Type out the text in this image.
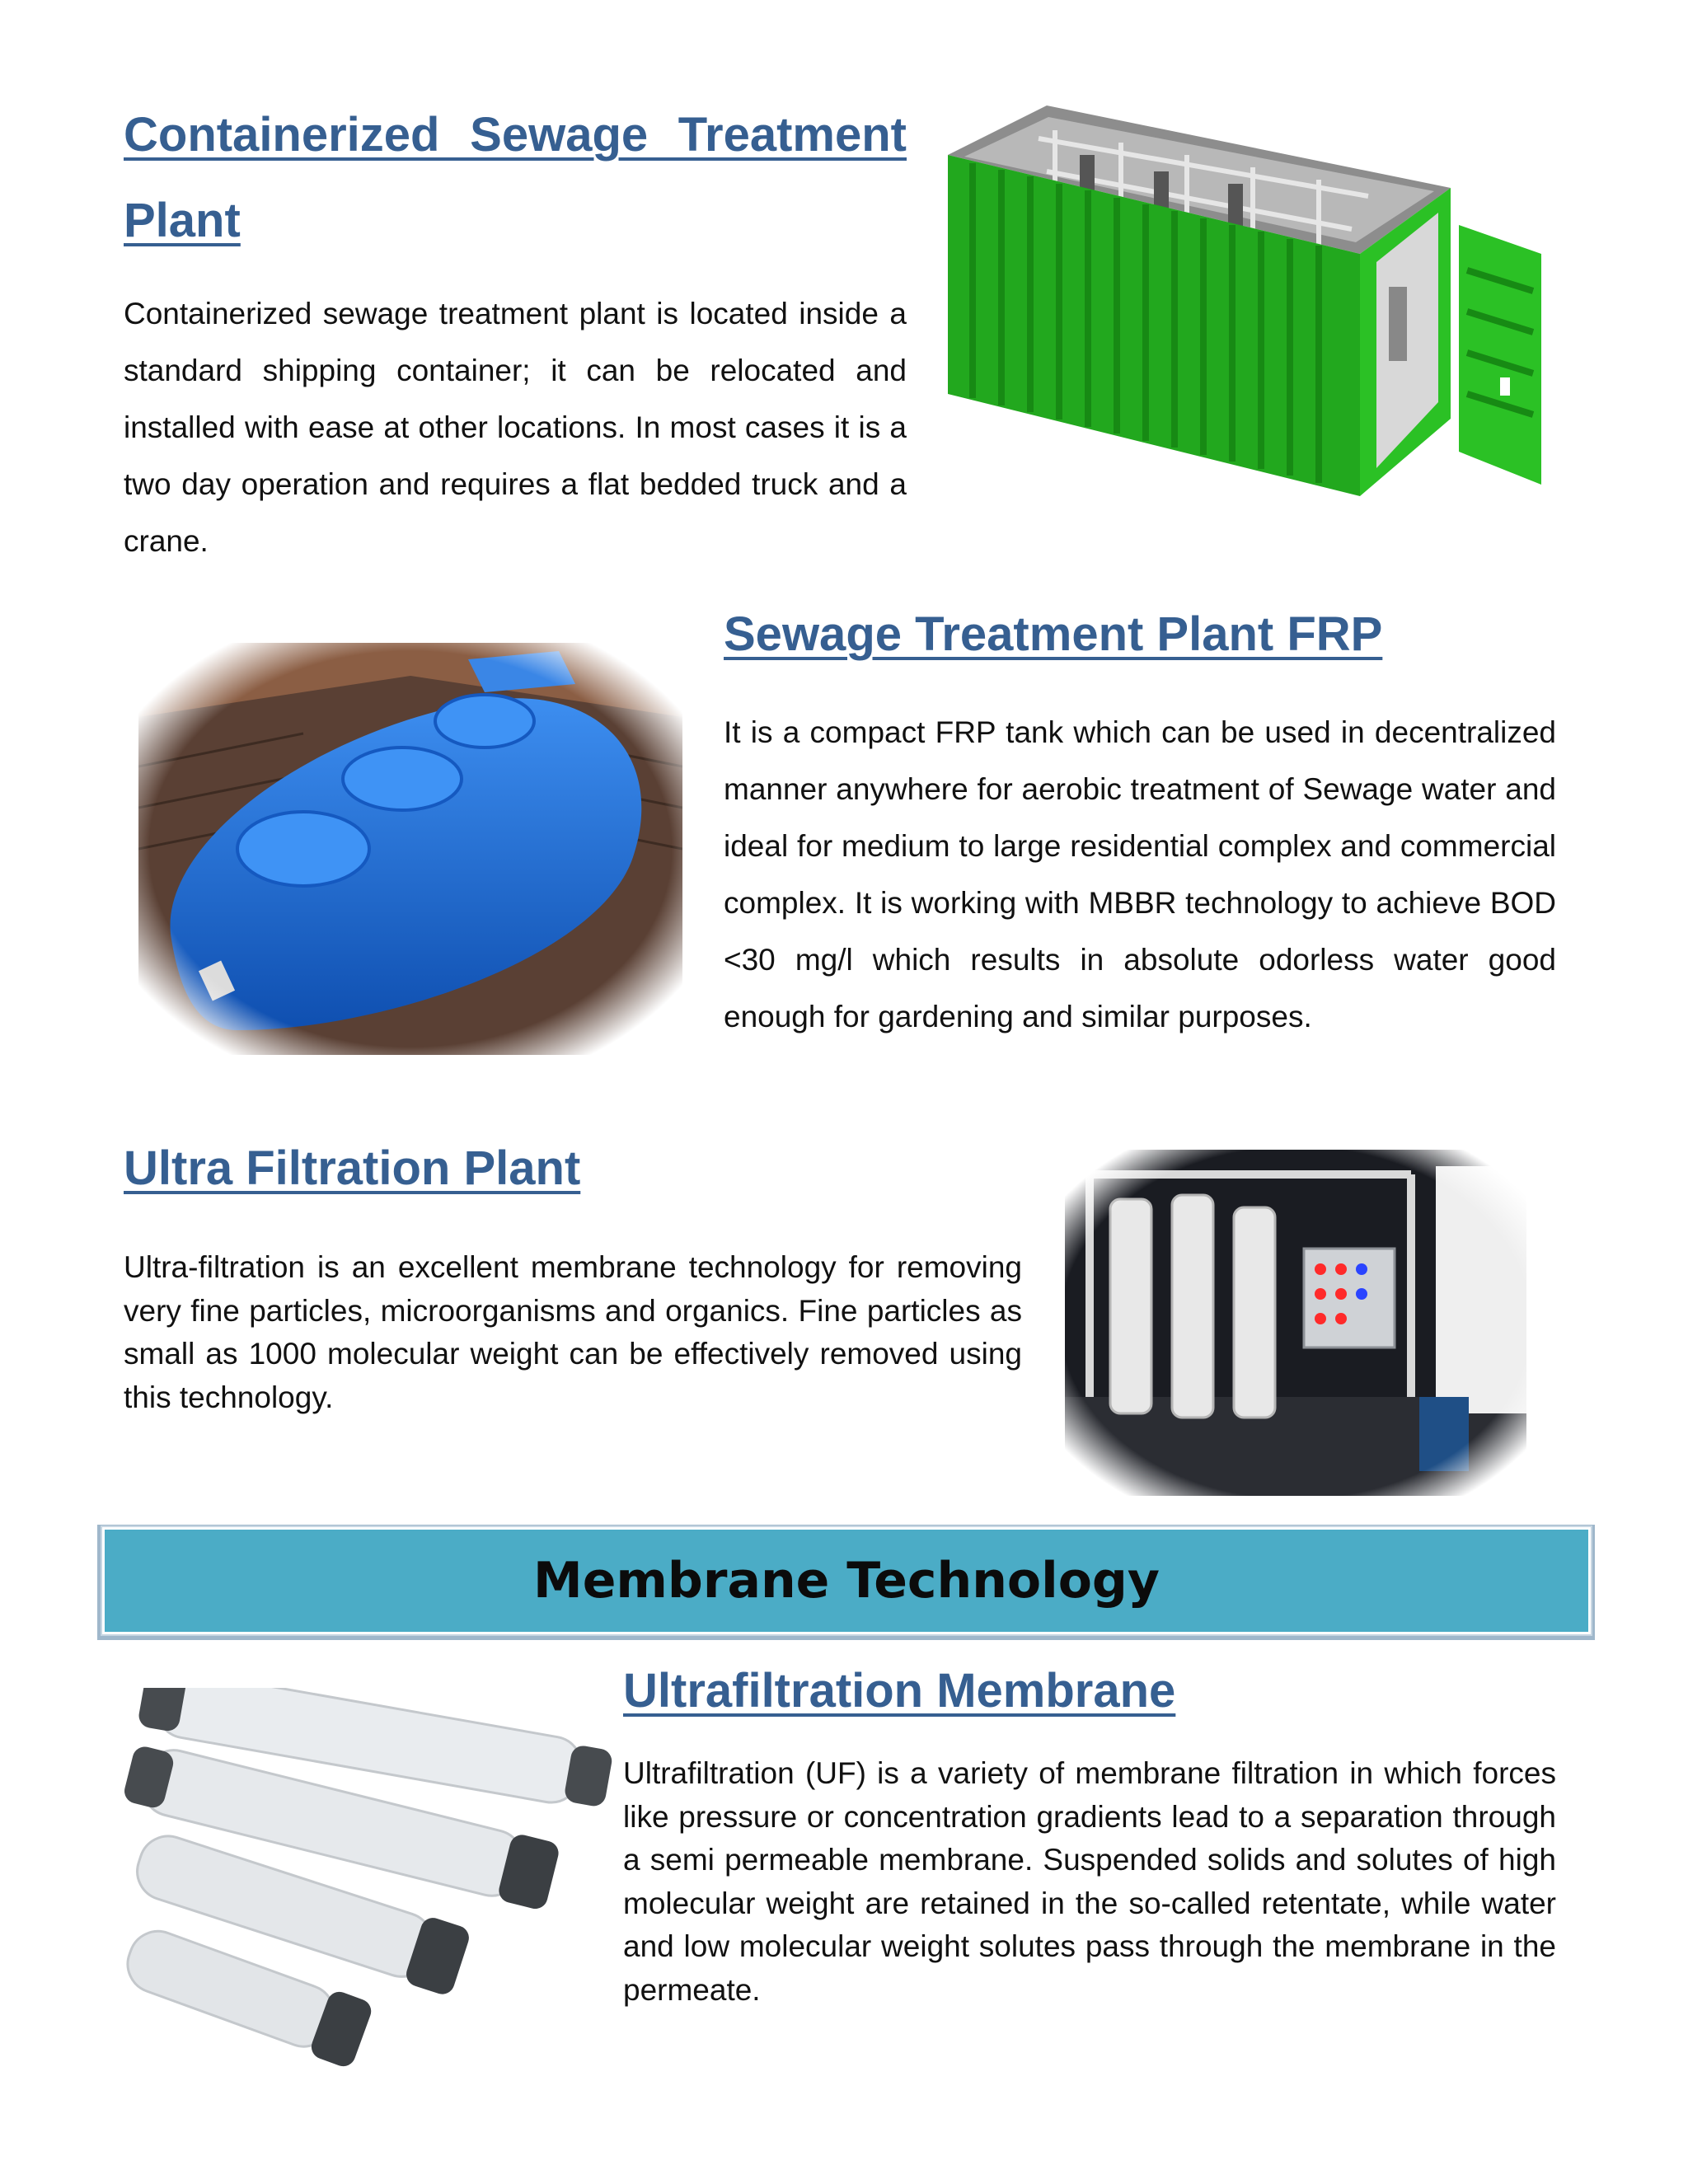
Containerized Sewage Treatment Plant

Containerized sewage treatment plant is located inside a standard shipping container; it can be relocated and installed with ease at other locations. In most cases it is a two day operation and requires a flat bedded truck and a crane.

Sewage Treatment Plant FRP

It is a compact FRP tank which can be used in decentralized manner anywhere for aerobic treatment of Sewage water and ideal for medium to large residential complex and commercial complex. It is working with MBBR technology to achieve BOD <30 mg/l which results in absolute odorless water good enough for gardening and similar purposes.

Ultra Filtration Plant

Ultra-filtration is an excellent membrane technology for removing very fine particles, microorganisms and organics. Fine particles as small as 1000 molecular weight can be effectively removed using this technology.

Membrane Technology
Ultrafiltration Membrane

Ultrafiltration (UF) is a variety of membrane filtration in which forces like pressure or concentration gradients lead to a separation through a semi permeable membrane. Suspended solids and solutes of high molecular weight are retained in the so-called retentate, while water and low molecular weight solutes pass through the membrane in the permeate.
